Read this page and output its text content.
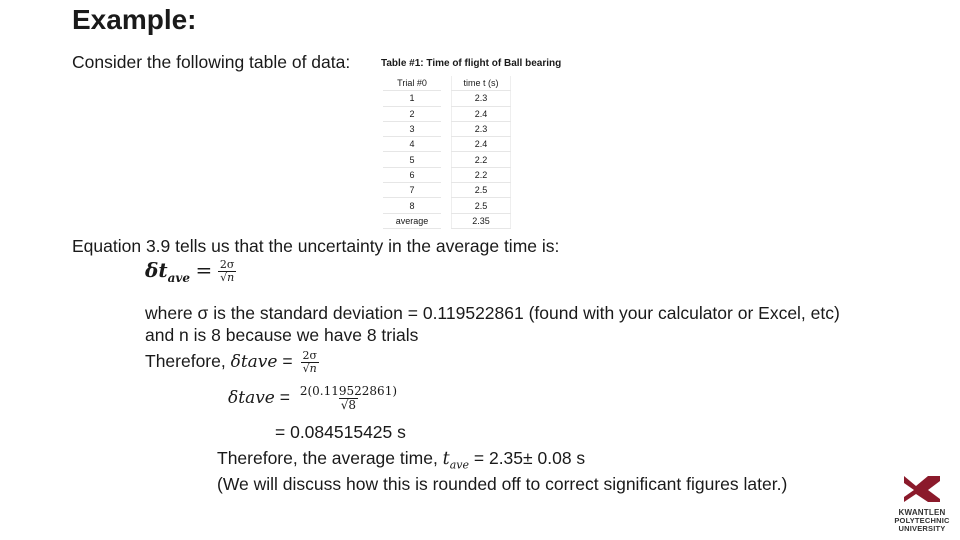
Example:
Consider the following table of data:	Table #1: Time of flight of Ball bearing
Trial #0		time t (s)
1		2.3
2		2.4
3		2.3
4		2.4
5		2.2
6		2.2
7		2.5
8		2.5
average		2.35
Equation 3.9 tells us that the uncertainty in the average time is:
$\delta t_{ave} = \frac{2\sigma}{√n}$
where σ is the standard deviation = 0.119522861 (found with your calculator or Excel, etc)
and n is 8 because we have 8 trials
Therefore, δtave = $\frac{2\sigma}{√n}$
δtave = $\frac{2(0.119522861)}{√8}$
= 0.084515425 s
Therefore, the average time, $t_{ave} = 2.35\pm 0.08$ s
(We will discuss how this is rounded off to correct significant figures later.)
KWANTLEN
POLYTECHNIC
UNIVERSITY
